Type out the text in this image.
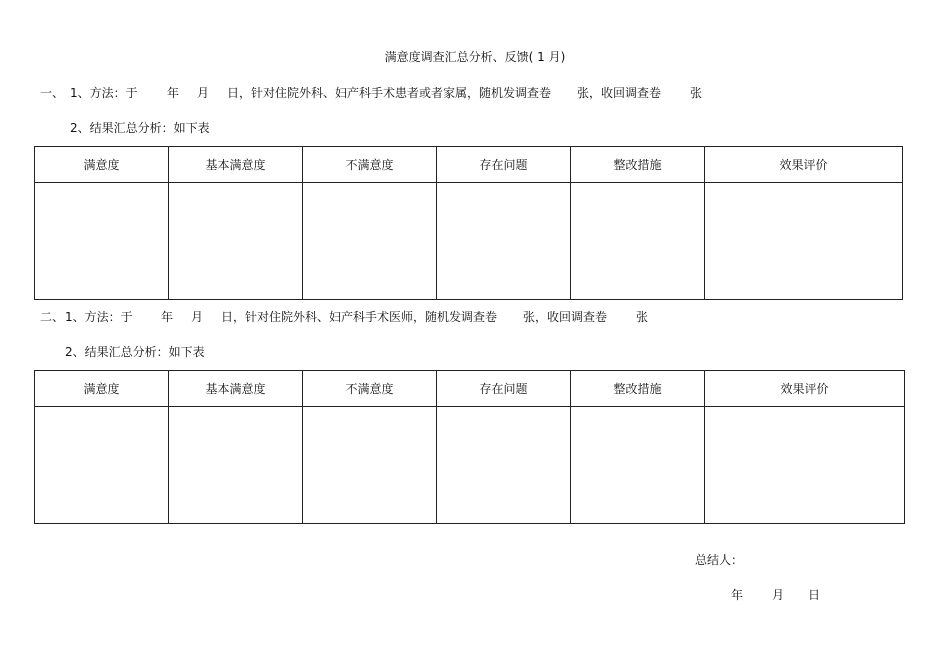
满意度调查汇总分析、反馈( 1 月)
一、 1、方法：于 年 月 日，针对住院外科、妇产科手术患者或者家属，随机发调查卷 张，收回调查卷 张
2、结果汇总分析：如下表
满意度	基本满意度	不满意度	存在问题	整改措施	效果评价

二、 1、方法：于 年 月 日，针对住院外科、妇产科手术医师，随机发调查卷 张，收回调查卷 张
2、结果汇总分析：如下表
满意度	基本满意度	不满意度	存在问题	整改措施	效果评价

总结人：
年 月 日
